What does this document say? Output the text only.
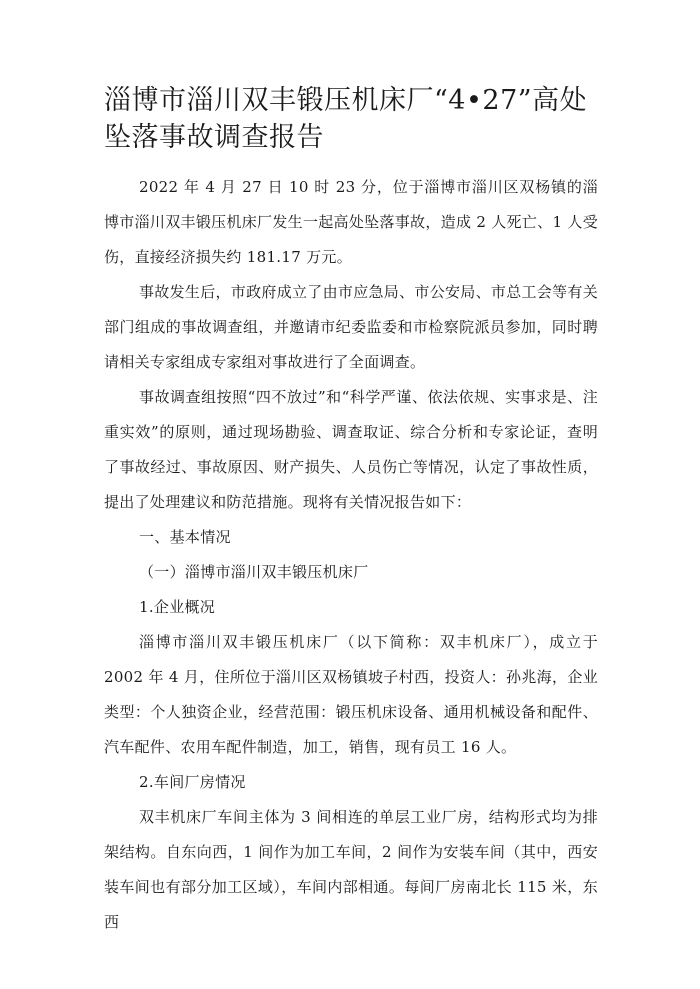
淄博市淄川双丰锻压机床厂“4•27”高处坠落事故调查报告

2022 年 4 月 27 日 10 时 23 分，位于淄博市淄川区双杨镇的淄博市淄川双丰锻压机床厂发生一起高处坠落事故，造成 2 人死亡、1 人受伤，直接经济损失约 181.17 万元。

事故发生后，市政府成立了由市应急局、市公安局、市总工会等有关部门组成的事故调查组，并邀请市纪委监委和市检察院派员参加，同时聘请相关专家组成专家组对事故进行了全面调查。

事故调查组按照“四不放过”和“科学严谨、依法依规、实事求是、注重实效”的原则，通过现场勘验、调查取证、综合分析和专家论证，查明了事故经过、事故原因、财产损失、人员伤亡等情况，认定了事故性质，提出了处理建议和防范措施。现将有关情况报告如下：

一、基本情况
（一）淄博市淄川双丰锻压机床厂
1.企业概况

淄博市淄川双丰锻压机床厂（以下简称：双丰机床厂），成立于 2002 年 4 月，住所位于淄川区双杨镇坡子村西，投资人：孙兆海，企业类型：个人独资企业，经营范围：锻压机床设备、通用机械设备和配件、汽车配件、农用车配件制造，加工，销售，现有员工 16 人。

2.车间厂房情况

双丰机床厂车间主体为 3 间相连的单层工业厂房，结构形式均为排架结构。自东向西，1 间作为加工车间，2 间作为安装车间（其中，西安装车间也有部分加工区域），车间内部相通。每间厂房南北长 115 米，东西
